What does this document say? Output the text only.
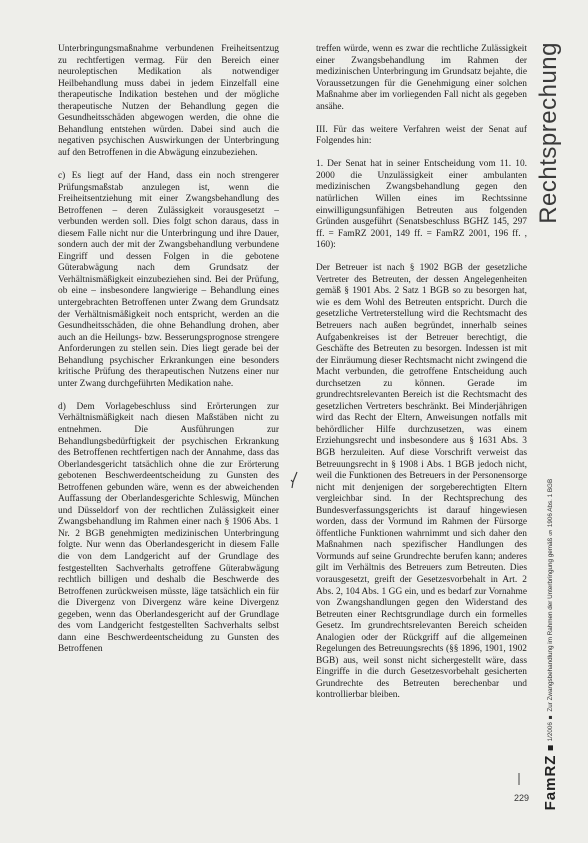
Unterbringungsmaßnahme verbundenen Freiheitsentzug zu rechtfertigen vermag. Für den Bereich einer neuroleptischen Medikation als notwendiger Heilbehandlung muss dabei in jedem Einzelfall eine therapeutische Indikation bestehen und der mögliche therapeutische Nutzen der Behandlung gegen die Gesundheitsschäden abgewogen werden, die ohne die Behandlung entstehen würden. Dabei sind auch die negativen psychischen Auswirkungen der Unterbringung auf den Betroffenen in die Abwägung einzubeziehen.

c) Es liegt auf der Hand, dass ein noch strengerer Prüfungsmaßstab anzulegen ist, wenn die Freiheitsentziehung mit einer Zwangsbehandlung des Betroffenen – deren Zulässigkeit vorausgesetzt – verbunden werden soll. Dies folgt schon daraus, dass in diesem Falle nicht nur die Unterbringung und ihre Dauer, sondern auch der mit der Zwangsbehandlung verbundene Eingriff und dessen Folgen in die gebotene Güterabwägung nach dem Grundsatz der Verhältnismäßigkeit einzubeziehen sind. Bei der Prüfung, ob eine – insbesondere langwierige – Behandlung eines untergebrachten Betroffenen unter Zwang dem Grundsatz der Verhältnismäßigkeit noch entspricht, werden an die Gesundheitsschäden, die ohne Behandlung drohen, aber auch an die Heilungs- bzw. Besserungsprognose strengere Anforderungen zu stellen sein. Dies liegt gerade bei der Behandlung psychischer Erkrankungen eine besonders kritische Prüfung des therapeutischen Nutzens einer nur unter Zwang durchgeführten Medikation nahe.

d) Dem Vorlagebeschluss sind Erörterungen zur Verhältnismäßigkeit nach diesen Maßstäben nicht zu entnehmen. Die Ausführungen zur Behandlungsbedürftigkeit der psychischen Erkrankung des Betroffenen rechtfertigen nach der Annahme, dass das Oberlandesgericht tatsächlich ohne die zur Erörterung gebotenen Beschwerdeentscheidung zu Gunsten des Betroffenen gebunden wäre, wenn es der abweichenden Auffassung der Oberlandesgerichte Schleswig, München und Düsseldorf von der rechtlichen Zulässigkeit einer Zwangsbehandlung im Rahmen einer nach § 1906 Abs. 1 Nr. 2 BGB genehmigten medizinischen Unterbringung folgte. Nur wenn das Oberlandesgericht in diesem Falle die von dem Landgericht auf der Grundlage des festgestellten Sachverhalts getroffene Güterabwägung rechtlich billigen und deshalb die Beschwerde des Betroffenen zurückweisen müsste, läge tatsächlich ein für die Divergenz von Divergenz wäre keine Divergenz gegeben, wenn das Oberlandesgericht auf der Grundlage des vom Landgericht festgestellten Sachverhalts selbst dann eine Beschwerdeentscheidung zu Gunsten des Betroffenen

treffen würde, wenn es zwar die rechtliche Zulässigkeit einer Zwangsbehandlung im Rahmen der medizinischen Unterbringung im Grundsatz bejahte, die Voraussetzungen für die Genehmigung einer solchen Maßnahme aber im vorliegenden Fall nicht als gegeben ansähe.

III. Für das weitere Verfahren weist der Senat auf Folgendes hin:

1. Der Senat hat in seiner Entscheidung vom 11. 10. 2000 die Unzulässigkeit einer ambulanten medizinischen Zwangsbehandlung gegen den natürlichen Willen eines im Rechtssinne einwilligungsunfähigen Betreuten aus folgenden Gründen ausgeführt (Senatsbeschluss BGHZ 145, 297 ff. = FamRZ 2001, 149 ff. = FamRZ 2001, 196 ff. , 160):

Der Betreuer ist nach § 1902 BGB der gesetzliche Vertreter des Betreuten, der dessen Angelegenheiten gemäß § 1901 Abs. 2 Satz 1 BGB so zu besorgen hat, wie es dem Wohl des Betreuten entspricht. Durch die gesetzliche Vertreterstellung wird die Rechtsmacht des Betreuers nach außen begründet, innerhalb seines Aufgabenkreises ist der Betreuer berechtigt, die Geschäfte des Betreuten zu besorgen. Indessen ist mit der Einräumung dieser Rechtsmacht nicht zwingend die Macht verbunden, die getroffene Entscheidung auch durchsetzen zu können. Gerade im grundrechtsrelevanten Bereich ist die Rechtsmacht des gesetzlichen Vertreters beschränkt. Bei Minderjährigen wird das Recht der Eltern, Anweisungen notfalls mit behördlicher Hilfe durchzusetzen, was einem Erziehungsrecht und insbesondere aus § 1631 Abs. 3 BGB herzuleiten. Auf diese Vorschrift verweist das Betreuungsrecht in § 1908 i Abs. 1 BGB jedoch nicht, weil die Funktionen des Betreuers in der Personensorge nicht mit denjenigen der sorgeberechtigten Eltern vergleichbar sind. In der Rechtsprechung des Bundesverfassungsgerichts ist darauf hingewiesen worden, dass der Vormund im Rahmen der Fürsorge öffentliche Funktionen wahrnimmt und sich daher den Maßnahmen nach spezifischer Handlungen des Vormunds auf seine Grundrechte berufen kann; anderes gilt im Verhältnis des Betreuers zum Betreuten. Dies vorausgesetzt, greift der Gesetzesvorbehalt in Art. 2 Abs. 2, 104 Abs. 1 GG ein, und es bedarf zur Vornahme von Zwangshandlungen gegen den Widerstand des Betreuten einer Rechtsgrundlage durch ein formelles Gesetz. Im grundrechtsrelevanten Bereich scheiden Analogien oder der Rückgriff auf die allgemeinen Regelungen des Betreuungsrechts (§§ 1896, 1901, 1902 BGB) aus, weil sonst nicht sichergestellt wäre, dass Eingriffe in die durch Gesetzesvorbehalt gesicherten Grundrechte des Betreuten berechenbar und kontrollierbar bleiben.

Rechtsprechung
FamRZ
1/2006 ■ Zur Zwangsbehandlung im Rahmen der Unterbringung gemäß § 1906 Abs. 1 BGB
229
